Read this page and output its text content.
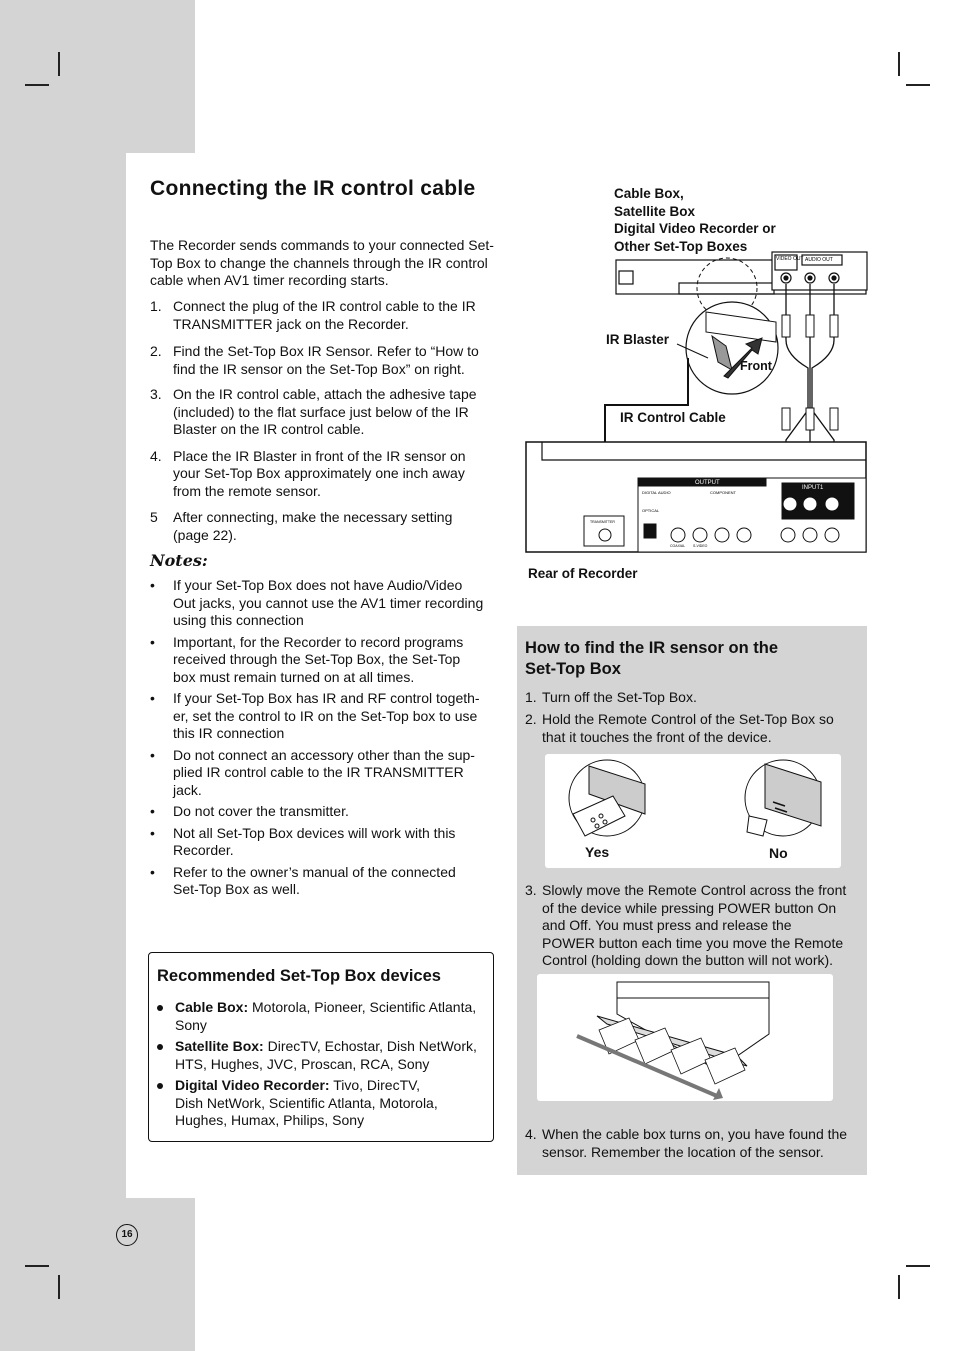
Connecting the IR control cable

The Recorder sends commands to your connected Set-Top Box to change the channels through the IR control cable when AV1 timer recording starts.

1. Connect the plug of the IR control cable to the IR
TRANSMITTER jack on the Recorder.
2. Find the Set-Top Box IR Sensor. Refer to “How to
find the IR sensor on the Set-Top Box” on right.
3. On the IR control cable, attach the adhesive tape
(included) to the flat surface just below of the IR
Blaster on the IR control cable.
4. Place the IR Blaster in front of the IR sensor on
your Set-Top Box approximately one inch away
from the remote sensor.
5 After connecting, make the necessary setting
(page 22).
Notes:
• If your Set-Top Box does not have Audio/Video
Out jacks, you cannot use the AV1 timer recording
using this connection
• Important, for the Recorder to record programs
received through the Set-Top Box, the Set-Top
box must remain turned on at all times.
• If your Set-Top Box has IR and RF control togeth-
er, set the control to IR on the Set-Top box to use
this IR connection
• Do not connect an accessory other than the sup-
plied IR control cable to the IR TRANSMITTER
jack.
• Do not cover the transmitter.
• Not all Set-Top Box devices will work with this
Recorder.
• Refer to the owner’s manual of the connected
Set-Top Box as well.
Recommended Set-Top Box devices
Cable Box: Motorola, Pioneer, Scientific Atlanta,
Sony
Satellite Box: DirecTV, Echostar, Dish NetWork,
HTS, Hughes, JVC, Proscan, RCA, Sony
Digital Video Recorder: Tivo, DirecTV,
Dish NetWork, Scientific Atlanta, Motorola,
Hughes, Humax, Philips, Sony
Cable Box,
Satellite Box
Digital Video Recorder or
Other Set-Top Boxes
VIDEO OUT AUDIO OUT
OUTPUT
INPUT1
DIGITAL AUDIO	COMPONENT
OPTICAL
COAXIAL S-VIDEO
TRANSMITTER
IR Blaster
Front
IR Control Cable
Rear of Recorder
How to find the IR sensor on the
Set-Top Box
1. Turn off the Set-Top Box.
2. Hold the Remote Control of the Set-Top Box so
that it touches the front of the device.
Yes	No
3. Slowly move the Remote Control across the front
of the device while pressing POWER button On
and Off. You must press and release the
POWER button each time you move the Remote
Control (holding down the button will not work).
4. When the cable box turns on, you have found the
sensor. Remember the location of the sensor.
16
